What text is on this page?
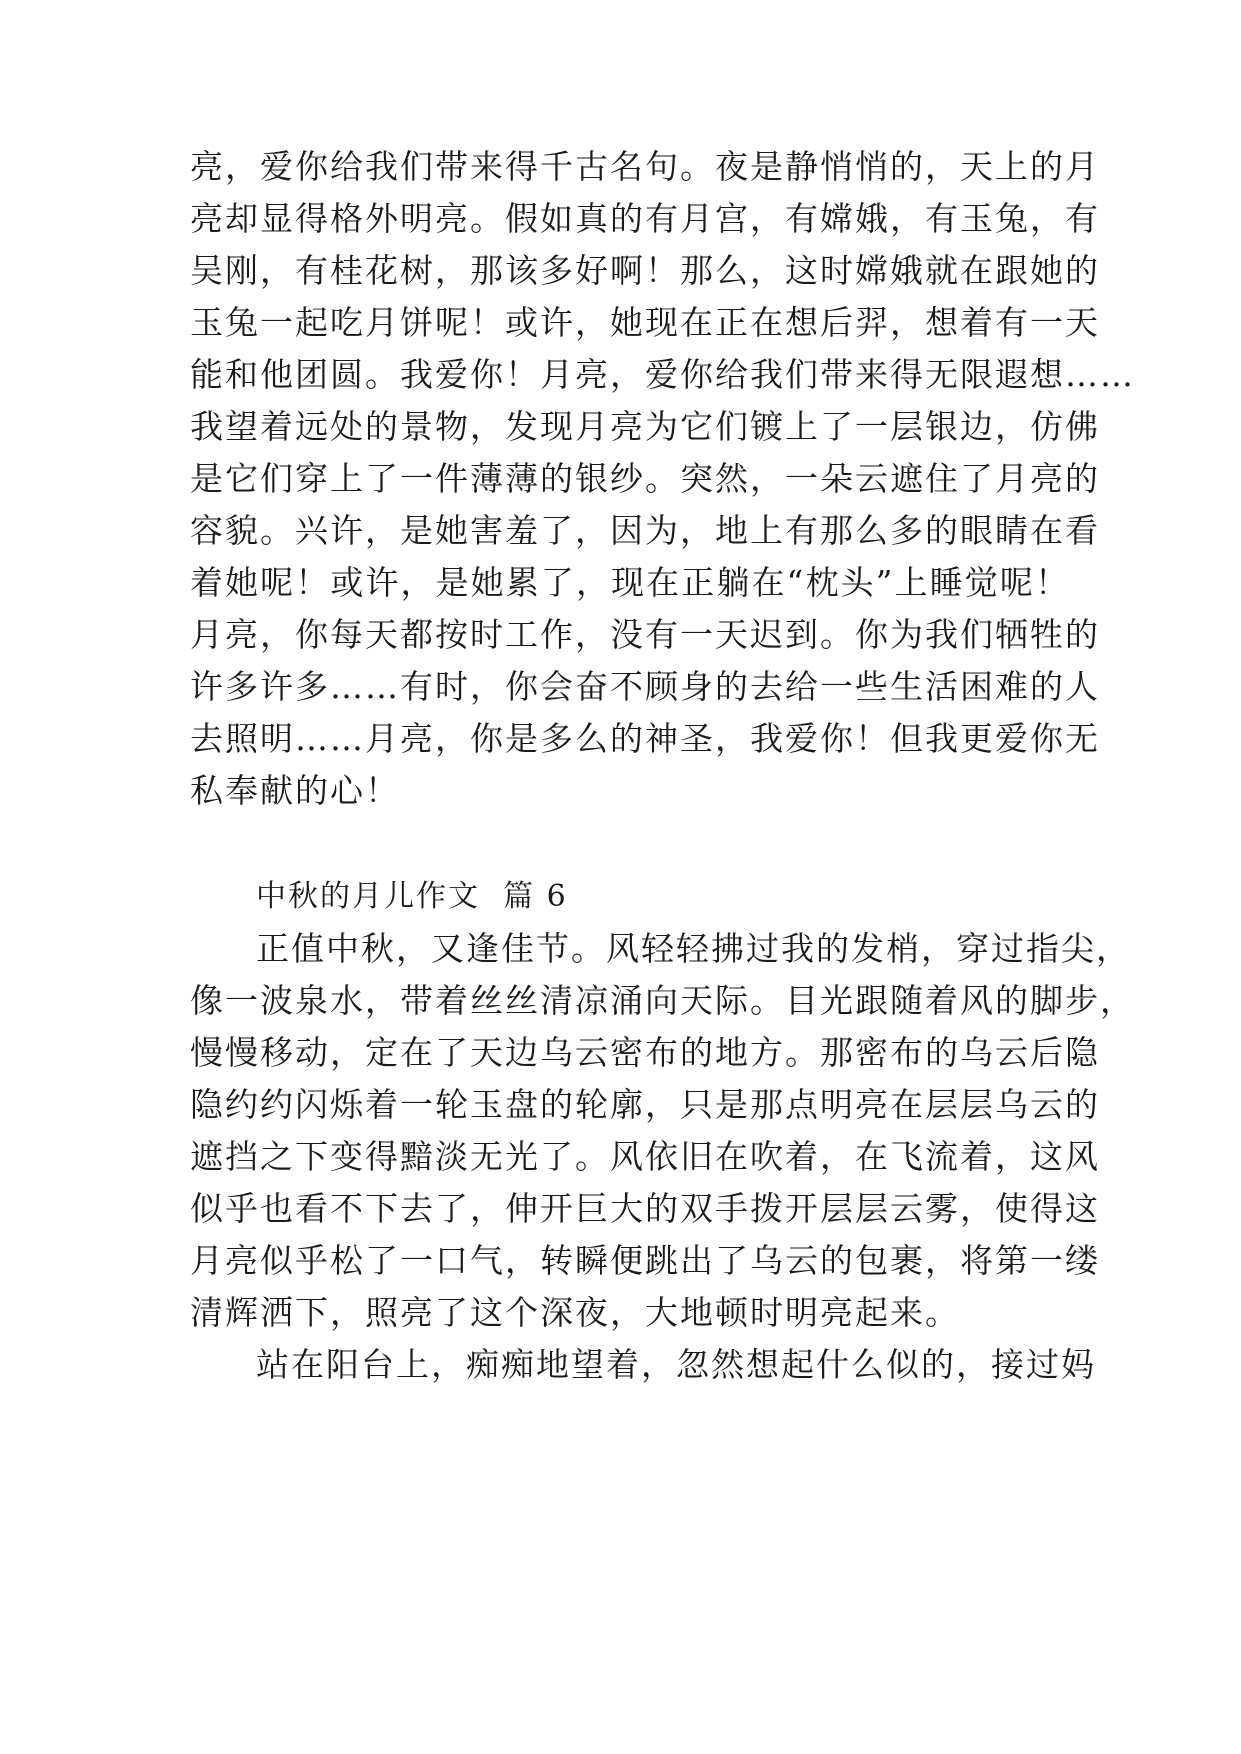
亮，爱你给我们带来得千古名句。夜是静悄悄的，天上的月
亮却显得格外明亮。假如真的有月宫，有嫦娥，有玉兔，有
吴刚，有桂花树，那该多好啊！那么，这时嫦娥就在跟她的
玉兔一起吃月饼呢！或许，她现在正在想后羿，想着有一天
能和他团圆。我爱你！月亮，爱你给我们带来得无限遐想……
我望着远处的景物，发现月亮为它们镀上了一层银边，仿佛
是它们穿上了一件薄薄的银纱。突然，一朵云遮住了月亮的
容貌。兴许，是她害羞了，因为，地上有那么多的眼睛在看
着她呢！或许，是她累了，现在正躺在“枕头”上睡觉呢！
月亮，你每天都按时工作，没有一天迟到。你为我们牺牲的
许多许多……有时，你会奋不顾身的去给一些生活困难的人
去照明……月亮，你是多么的神圣，我爱你！但我更爱你无
私奉献的心！
中秋的月儿作文  篇 6
正值中秋，又逢佳节。风轻轻拂过我的发梢，穿过指尖，
像一波泉水，带着丝丝清凉涌向天际。目光跟随着风的脚步，
慢慢移动，定在了天边乌云密布的地方。那密布的乌云后隐
隐约约闪烁着一轮玉盘的轮廓，只是那点明亮在层层乌云的
遮挡之下变得黯淡无光了。风依旧在吹着，在飞流着，这风
似乎也看不下去了，伸开巨大的双手拨开层层云雾，使得这
月亮似乎松了一口气，转瞬便跳出了乌云的包裹，将第一缕
清辉洒下，照亮了这个深夜，大地顿时明亮起来。
站在阳台上，痴痴地望着，忽然想起什么似的，接过妈
